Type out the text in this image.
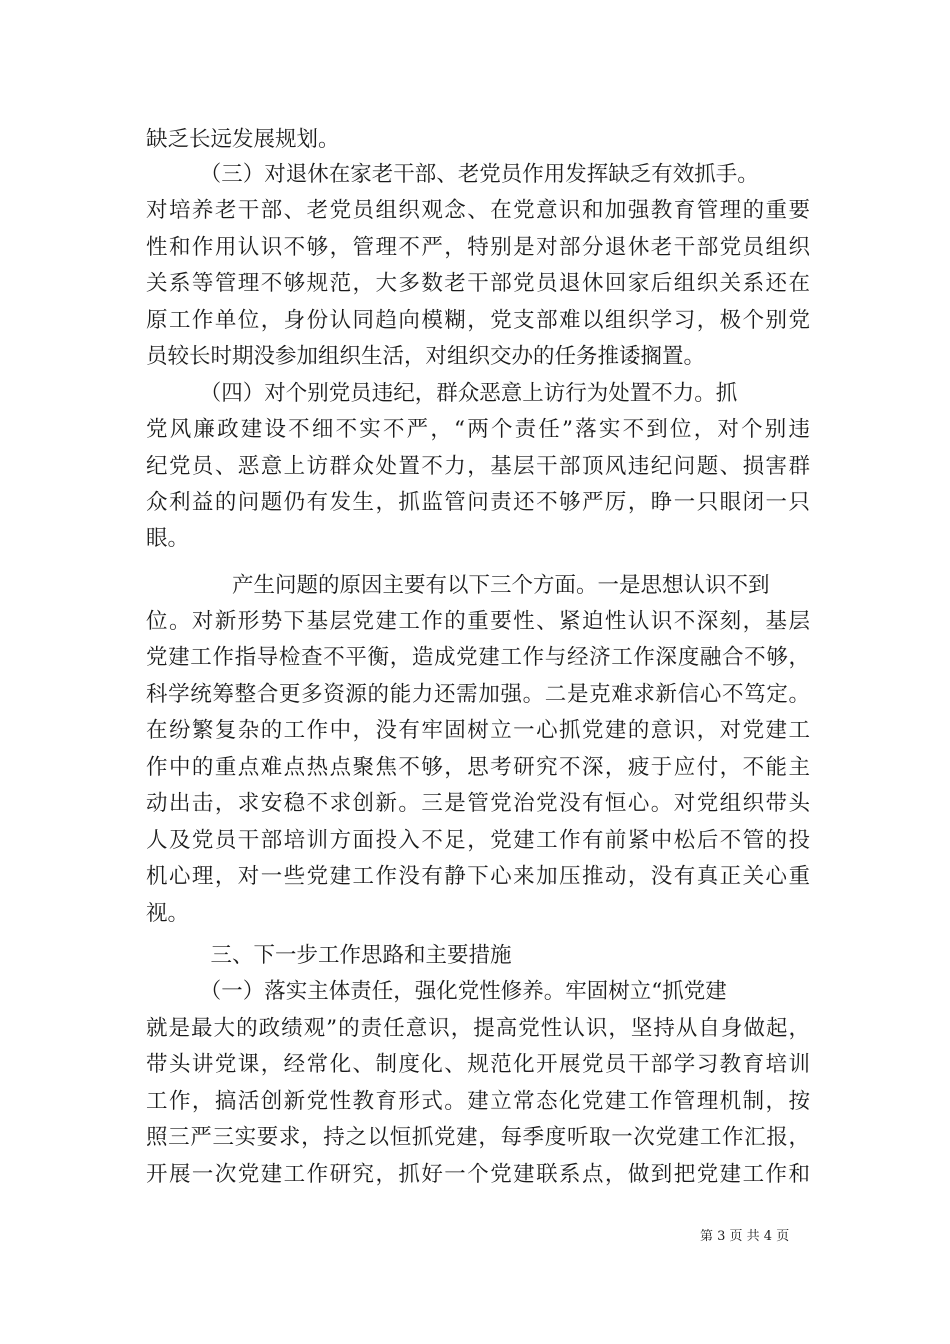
缺乏长远发展规划。
　　　（三）对退休在家老干部、老党员作用发挥缺乏有效抓手。
对培养老干部、老党员组织观念、在党意识和加强教育管理的重要
性和作用认识不够，管理不严，特别是对部分退休老干部党员组织
关系等管理不够规范，大多数老干部党员退休回家后组织关系还在
原工作单位，身份认同趋向模糊，党支部难以组织学习，极个别党
员较长时期没参加组织生活，对组织交办的任务推诿搁置。
　　　（四）对个别党员违纪，群众恶意上访行为处置不力。抓
党风廉政建设不细不实不严，“两个责任”落实不到位，对个别违
纪党员、恶意上访群众处置不力，基层干部顶风违纪问题、损害群
众利益的问题仍有发生，抓监管问责还不够严厉，睁一只眼闭一只
眼。
　　　　产生问题的原因主要有以下三个方面。一是思想认识不到
位。对新形势下基层党建工作的重要性、紧迫性认识不深刻，基层
党建工作指导检查不平衡，造成党建工作与经济工作深度融合不够，
科学统筹整合更多资源的能力还需加强。二是克难求新信心不笃定。
在纷繁复杂的工作中，没有牢固树立一心抓党建的意识，对党建工
作中的重点难点热点聚焦不够，思考研究不深，疲于应付，不能主
动出击，求安稳不求创新。三是管党治党没有恒心。对党组织带头
人及党员干部培训方面投入不足，党建工作有前紧中松后不管的投
机心理，对一些党建工作没有静下心来加压推动，没有真正关心重
视。
　　　三、下一步工作思路和主要措施
　　　（一）落实主体责任，强化党性修养。牢固树立“抓党建
就是最大的政绩观”的责任意识，提高党性认识，坚持从自身做起，
带头讲党课，经常化、制度化、规范化开展党员干部学习教育培训
工作，搞活创新党性教育形式。建立常态化党建工作管理机制，按
照三严三实要求，持之以恒抓党建，每季度听取一次党建工作汇报，
开展一次党建工作研究，抓好一个党建联系点，做到把党建工作和
第 3 页 共 4 页
